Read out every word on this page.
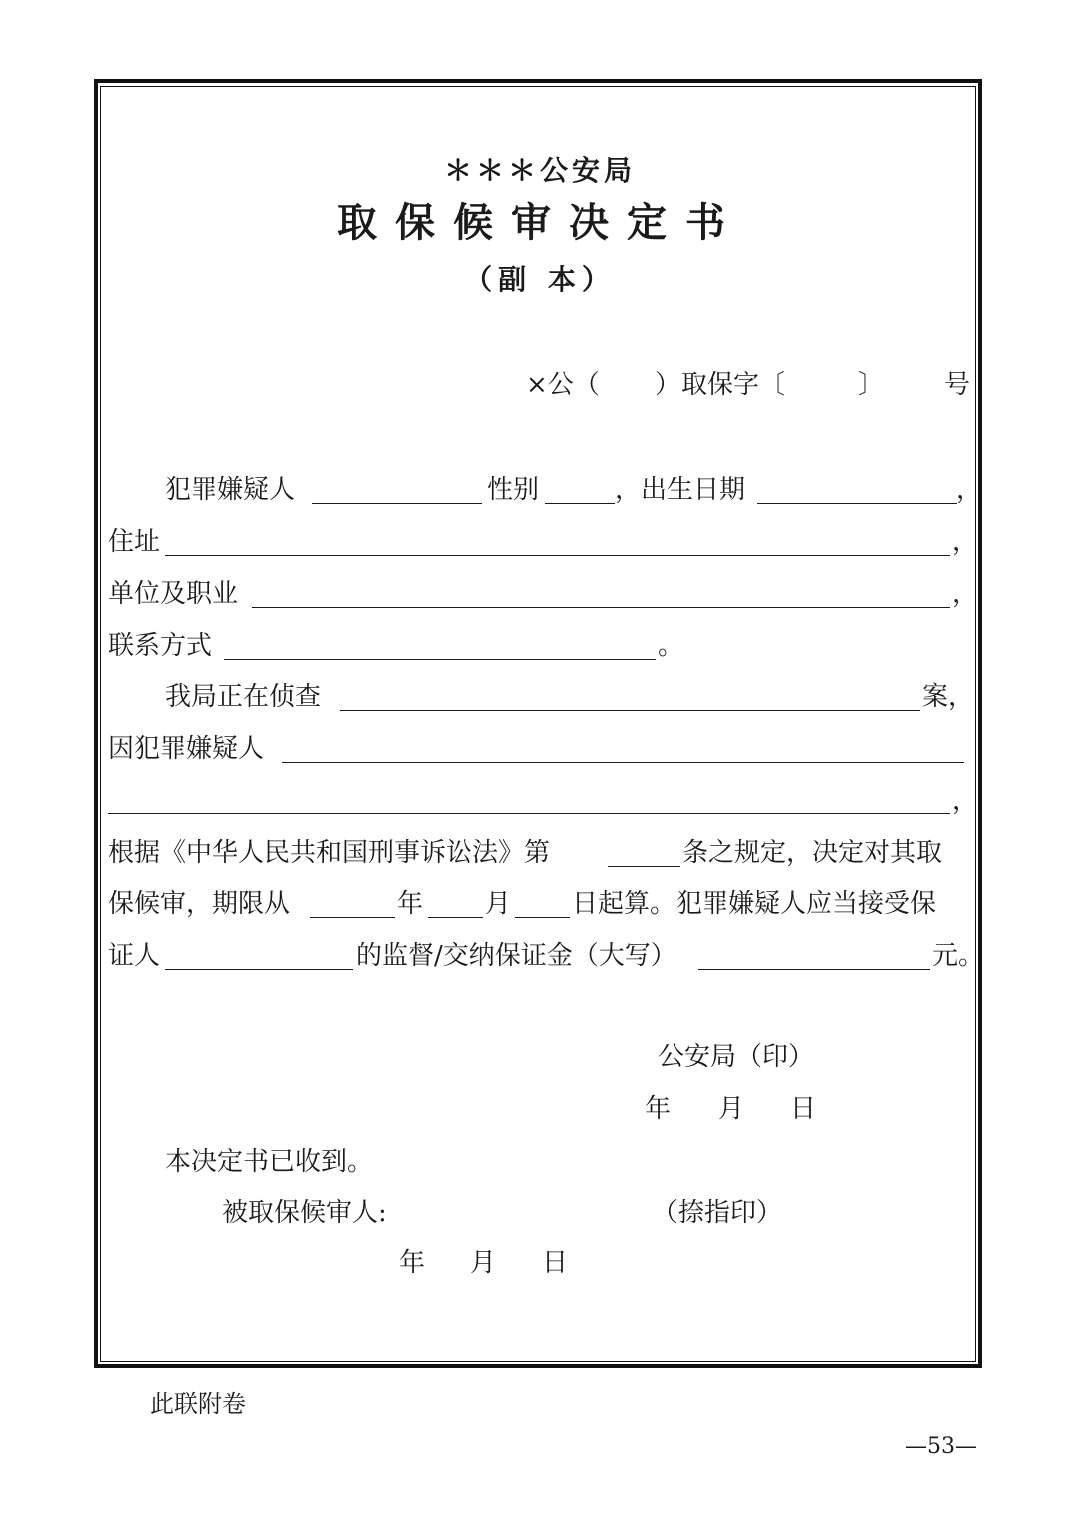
＊＊＊公安局
取保候审决定书
（副 本）
×公（ ）取保字〔	〕 号
犯罪嫌疑人	性别	，出生日期	，
住址	，
单位及职业	，
联系方式	。
我局正在侦查	案，
因犯罪嫌疑人
，
根据《中华人民共和国刑事诉讼法》第	条之规定，决定对其取
保候审，期限从	年 月 日起算。犯罪嫌疑人应当接受保
证人	的监督/交纳保证金（大写）	元。
公安局（印）
年 月 日
本决定书已收到。
被取保候审人:	（捺指印）
年 月 日
此联附卷
—53—
